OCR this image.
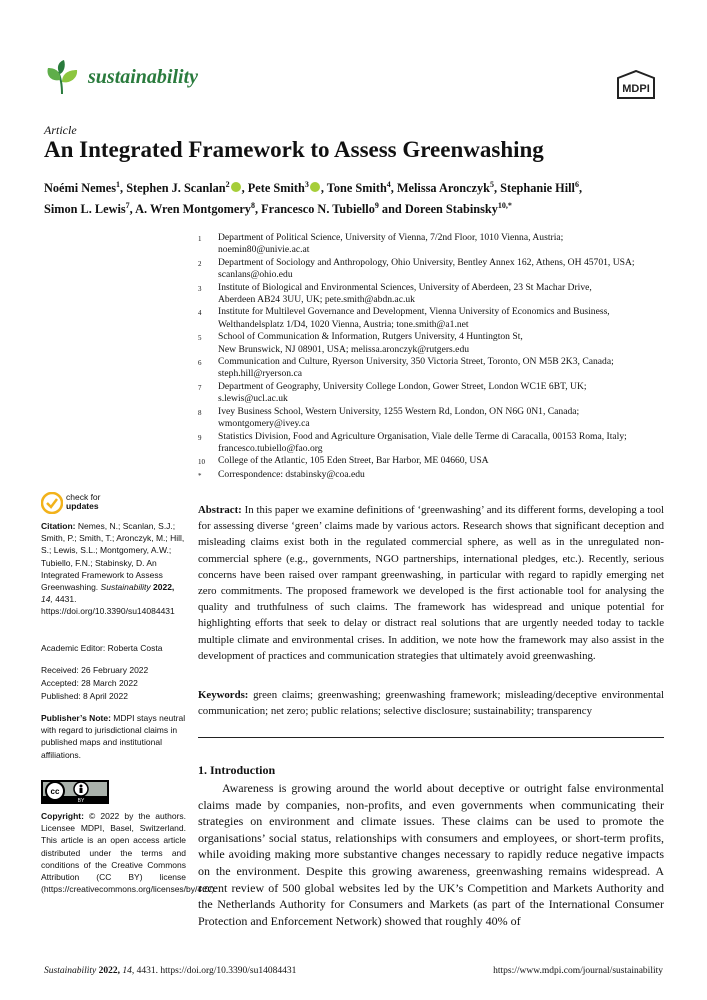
sustainability
MDPI
Article
An Integrated Framework to Assess Greenwashing
Noémi Nemes$^1$, Stephen J. Scanlan$^2$ , Pete Smith$^3$ , Tone Smith$^4$, Melissa Aronczyk$^5$, Stephanie Hill$^6$,
Simon L. Lewis$^7$, A. Wren Montgomery$^8$, Francesco N. Tubiello$^9$ and Doreen Stabinsky$^{10,*}$
1	Department of Political Science, University of Vienna, 7/2nd Floor, 1010 Vienna, Austria;
noemin80@univie.ac.at
2	Department of Sociology and Anthropology, Ohio University, Bentley Annex 162, Athens, OH 45701, USA;
scanlans@ohio.edu
3	Institute of Biological and Environmental Sciences, University of Aberdeen, 23 St Machar Drive,
Aberdeen AB24 3UU, UK; pete.smith@abdn.ac.uk
4	Institute for Multilevel Governance and Development, Vienna University of Economics and Business,
Welthandelsplatz 1/D4, 1020 Vienna, Austria; tone.smith@a1.net
5	School of Communication & Information, Rutgers University, 4 Huntington St,
New Brunswick, NJ 08901, USA; melissa.aronczyk@rutgers.edu
6	Communication and Culture, Ryerson University, 350 Victoria Street, Toronto, ON M5B 2K3, Canada;
steph.hill@ryerson.ca
7	Department of Geography, University College London, Gower Street, London WC1E 6BT, UK;
s.lewis@ucl.ac.uk
8	Ivey Business School, Western University, 1255 Western Rd, London, ON N6G 0N1, Canada;
wmontgomery@ivey.ca
9	Statistics Division, Food and Agriculture Organisation, Viale delle Terme di Caracalla, 00153 Roma, Italy;
francesco.tubiello@fao.org
10	College of the Atlantic, 105 Eden Street, Bar Harbor, ME 04660, USA
*	Correspondence: dstabinsky@coa.edu
check for
updates
Citation: Nemes, N.; Scanlan, S.J.; Smith, P.; Smith, T.; Aronczyk, M.; Hill, S.; Lewis, S.L.; Montgomery, A.W.; Tubiello, F.N.; Stabinsky, D. An Integrated Framework to Assess Greenwashing. Sustainability 2022, 14, 4431. https://doi.org/10.3390/su14084431
Academic Editor: Roberta Costa
Received: 26 February 2022
Accepted: 28 March 2022
Published: 8 April 2022
Publisher’s Note: MDPI stays neutral with regard to jurisdictional claims in published maps and institutional affiliations.
cc
BY
Copyright: © 2022 by the authors. Licensee MDPI, Basel, Switzerland. This article is an open access article distributed under the terms and conditions of the Creative Commons Attribution (CC BY) license (https://creativecommons.org/licenses/by/4.0/).
Abstract: In this paper we examine definitions of ‘greenwashing’ and its different forms, developing a tool for assessing diverse ‘green’ claims made by various actors. Research shows that significant deception and misleading claims exist both in the regulated commercial sphere, as well as in the unregulated non-commercial sphere (e.g., governments, NGO partnerships, international pledges, etc.). Recently, serious concerns have been raised over rampant greenwashing, in particular with regard to rapidly emerging net zero commitments. The proposed framework we developed is the first actionable tool for analysing the quality and truthfulness of such claims. The framework has widespread and unique potential for highlighting efforts that seek to delay or distract real solutions that are urgently needed today to tackle multiple climate and environmental crises. In addition, we note how the framework may also assist in the development of practices and communication strategies that ultimately avoid greenwashing.
Keywords: green claims; greenwashing; greenwashing framework; misleading/deceptive environmental communication; net zero; public relations; selective disclosure; sustainability; transparency
1. Introduction
Awareness is growing around the world about deceptive or outright false environmental claims made by companies, non-profits, and even governments when communicating their strategies on environment and climate issues. These claims can be used to promote the organisations’ social status, relationships with consumers and employees, or short-term profits, while avoiding making more substantive changes necessary to rapidly reduce negative impacts on the environment. Despite this growing awareness, greenwashing remains widespread. A recent review of 500 global websites led by the UK’s Competition and Markets Authority and the Netherlands Authority for Consumers and Markets (as part of the International Consumer Protection and Enforcement Network) showed that roughly 40% of
Sustainability 2022, 14, 4431. https://doi.org/10.3390/su14084431	https://www.mdpi.com/journal/sustainability
